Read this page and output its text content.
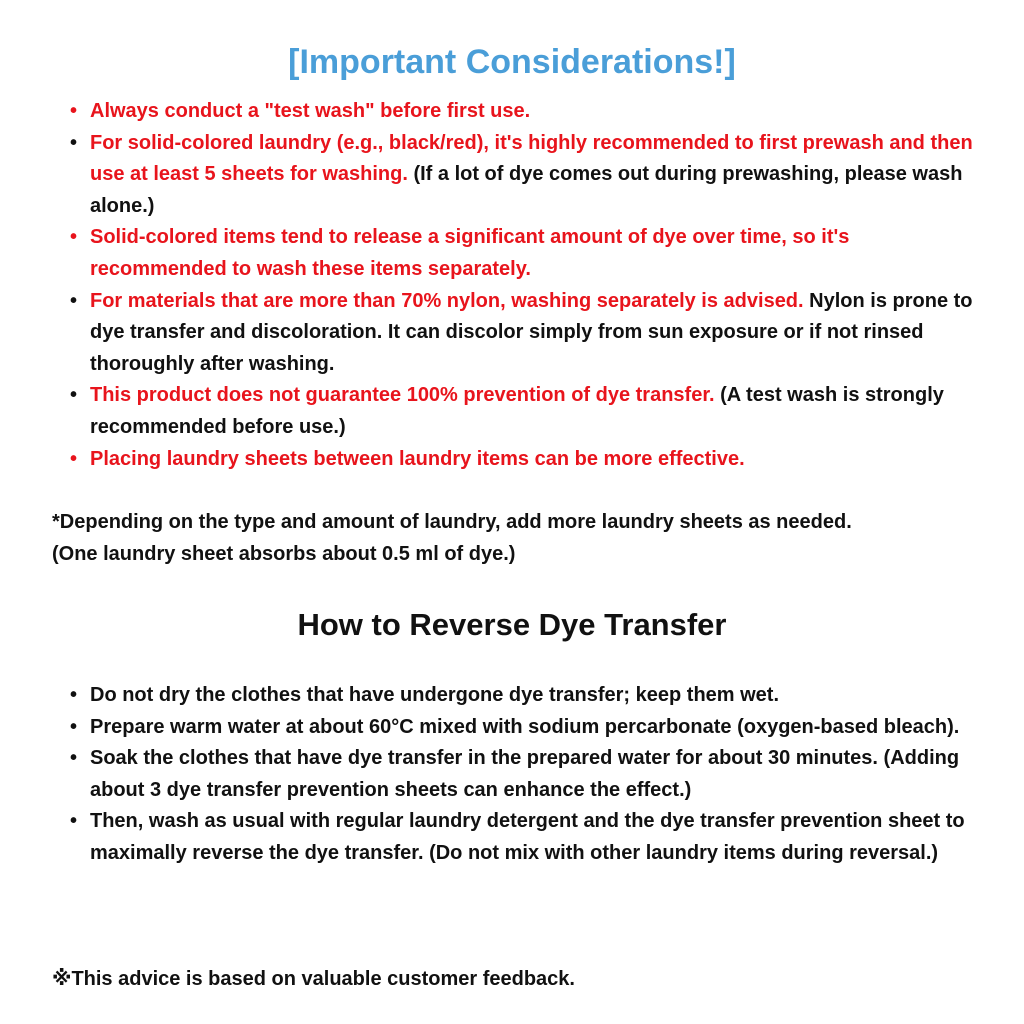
[Important Considerations!]
• Always conduct a "test wash" before first use.
• For solid-colored laundry (e.g., black/red), it's highly recommended to first prewash and then use at least 5 sheets for washing. (If a lot of dye comes out during prewashing, please wash alone.)
• Solid-colored items tend to release a significant amount of dye over time, so it's recommended to wash these items separately.
• For materials that are more than 70% nylon, washing separately is advised. Nylon is prone to dye transfer and discoloration. It can discolor simply from sun exposure or if not rinsed thoroughly after washing.
• This product does not guarantee 100% prevention of dye transfer. (A test wash is strongly recommended before use.)
• Placing laundry sheets between laundry items can be more effective.
*Depending on the type and amount of laundry, add more laundry sheets as needed.
(One laundry sheet absorbs about 0.5 ml of dye.)
How to Reverse Dye Transfer
• Do not dry the clothes that have undergone dye transfer; keep them wet.
• Prepare warm water at about 60°C mixed with sodium percarbonate (oxygen-based bleach).
• Soak the clothes that have dye transfer in the prepared water for about 30 minutes. (Adding about 3 dye transfer prevention sheets can enhance the effect.)
• Then, wash as usual with regular laundry detergent and the dye transfer prevention sheet to maximally reverse the dye transfer. (Do not mix with other laundry items during reversal.)
※This advice is based on valuable customer feedback.
